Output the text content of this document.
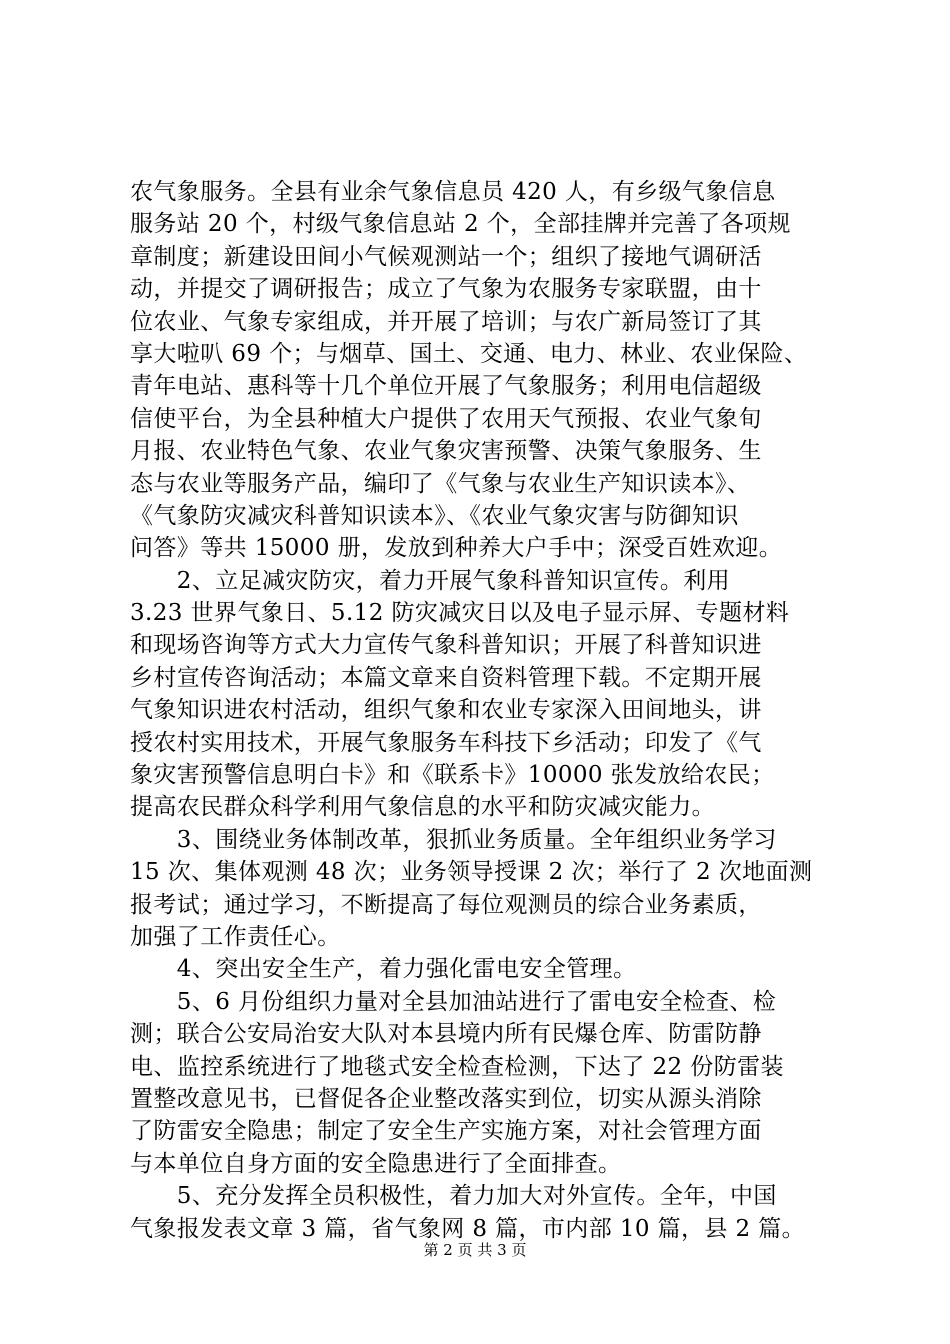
农气象服务。全县有业余气象信息员 420 人，有乡级气象信息
服务站 20 个，村级气象信息站 2 个，全部挂牌并完善了各项规
章制度；新建设田间小气候观测站一个；组织了接地气调研活
动，并提交了调研报告；成立了气象为农服务专家联盟，由十
位农业、气象专家组成，并开展了培训；与农广新局签订了其
享大啦叭 69 个；与烟草、国土、交通、电力、林业、农业保险、
青年电站、惠科等十几个单位开展了气象服务；利用电信超级
信使平台，为全县种植大户提供了农用天气预报、农业气象旬
月报、农业特色气象、农业气象灾害预警、决策气象服务、生
态与农业等服务产品，编印了《气象与农业生产知识读本》、
《气象防灾减灾科普知识读本》、《农业气象灾害与防御知识
问答》等共 15000 册，发放到种养大户手中；深受百姓欢迎。
　　2、立足减灾防灾，着力开展气象科普知识宣传。利用
3.23 世界气象日、5.12 防灾减灾日以及电子显示屏、专题材料
和现场咨询等方式大力宣传气象科普知识；开展了科普知识进
乡村宣传咨询活动；本篇文章来自资料管理下载。不定期开展
气象知识进农村活动，组织气象和农业专家深入田间地头，讲
授农村实用技术，开展气象服务车科技下乡活动；印发了《气
象灾害预警信息明白卡》和《联系卡》10000 张发放给农民；
提高农民群众科学利用气象信息的水平和防灾减灾能力。
　　3、围绕业务体制改革，狠抓业务质量。全年组织业务学习
15 次、集体观测 48 次；业务领导授课 2 次；举行了 2 次地面测
报考试；通过学习，不断提高了每位观测员的综合业务素质，
加强了工作责任心。
　　4、突出安全生产，着力强化雷电安全管理。
　　5、6 月份组织力量对全县加油站进行了雷电安全检查、检
测；联合公安局治安大队对本县境内所有民爆仓库、防雷防静
电、监控系统进行了地毯式安全检查检测，下达了 22 份防雷装
置整改意见书，已督促各企业整改落实到位，切实从源头消除
了防雷安全隐患；制定了安全生产实施方案，对社会管理方面
与本单位自身方面的安全隐患进行了全面排查。
　　5、充分发挥全员积极性，着力加大对外宣传。全年，中国
气象报发表文章 3 篇，省气象网 8 篇，市内部 10 篇，县 2 篇。
第 2 页 共 3 页
